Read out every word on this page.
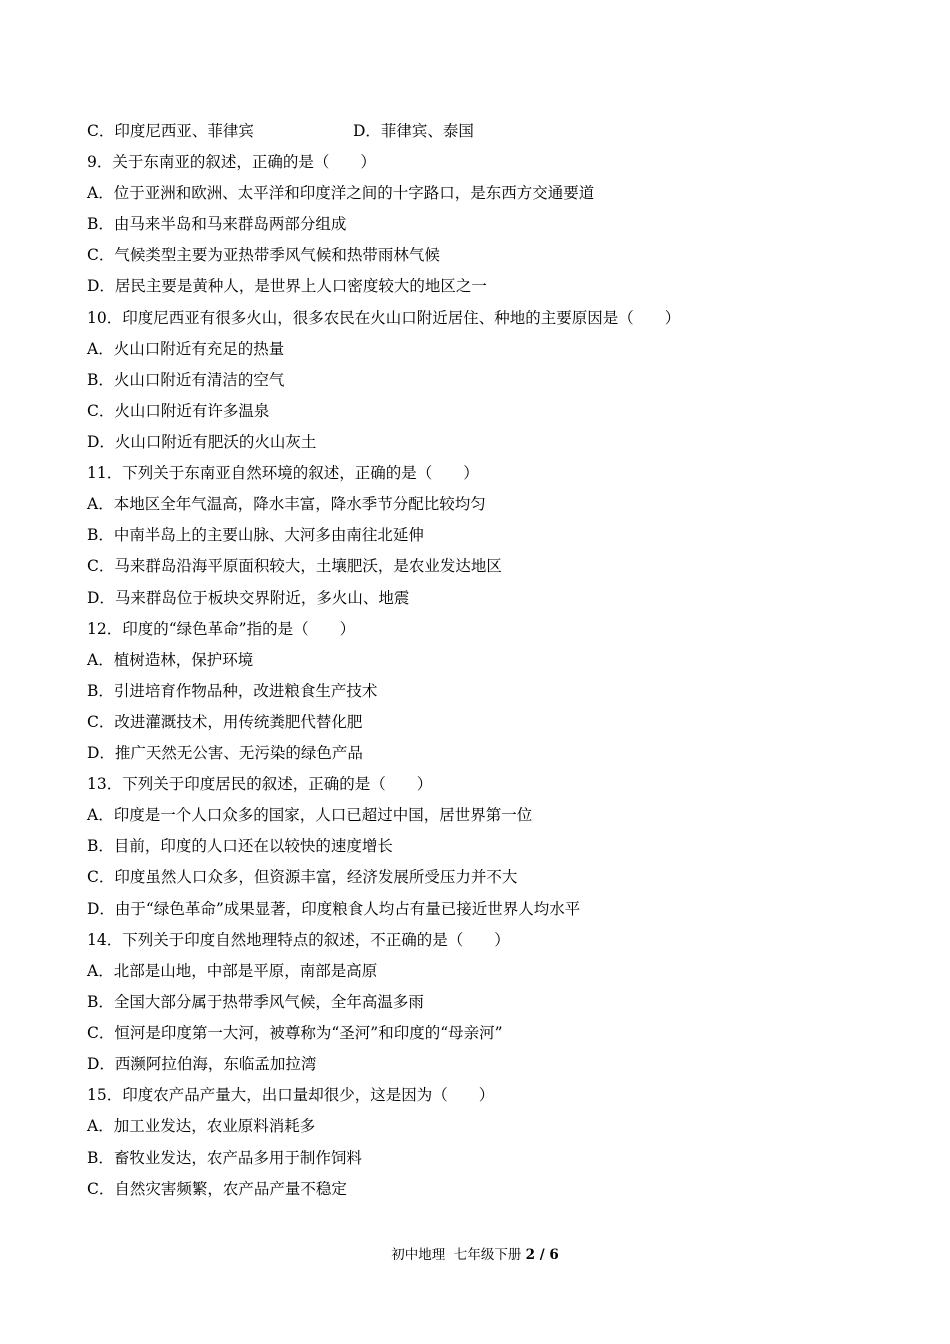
C．印度尼西亚、菲律宾	D．菲律宾、泰国
9．关于东南亚的叙述，正确的是（　　）
A．位于亚洲和欧洲、太平洋和印度洋之间的十字路口，是东西方交通要道
B．由马来半岛和马来群岛两部分组成
C．气候类型主要为亚热带季风气候和热带雨林气候
D．居民主要是黄种人，是世界上人口密度较大的地区之一
10．印度尼西亚有很多火山，很多农民在火山口附近居住、种地的主要原因是（　　）
A．火山口附近有充足的热量
B．火山口附近有清洁的空气
C．火山口附近有许多温泉
D．火山口附近有肥沃的火山灰土
11．下列关于东南亚自然环境的叙述，正确的是（　　）
A．本地区全年气温高，降水丰富，降水季节分配比较均匀
B．中南半岛上的主要山脉、大河多由南往北延伸
C．马来群岛沿海平原面积较大，土壤肥沃，是农业发达地区
D．马来群岛位于板块交界附近，多火山、地震
12．印度的“绿色革命”指的是（　　）
A．植树造林，保护环境
B．引进培育作物品种，改进粮食生产技术
C．改进灌溉技术，用传统粪肥代替化肥
D．推广天然无公害、无污染的绿色产品
13．下列关于印度居民的叙述，正确的是（　　）
A．印度是一个人口众多的国家，人口已超过中国，居世界第一位
B．目前，印度的人口还在以较快的速度增长
C．印度虽然人口众多，但资源丰富，经济发展所受压力并不大
D．由于“绿色革命”成果显著，印度粮食人均占有量已接近世界人均水平
14．下列关于印度自然地理特点的叙述，不正确的是（　　）
A．北部是山地，中部是平原，南部是高原
B．全国大部分属于热带季风气候，全年高温多雨
C．恒河是印度第一大河，被尊称为“圣河”和印度的“母亲河”
D．西濒阿拉伯海，东临孟加拉湾
15．印度农产品产量大，出口量却很少，这是因为（　　）
A．加工业发达，农业原料消耗多
B．畜牧业发达，农产品多用于制作饲料
C．自然灾害频繁，农产品产量不稳定
初中地理  七年级下册 2 / 6
